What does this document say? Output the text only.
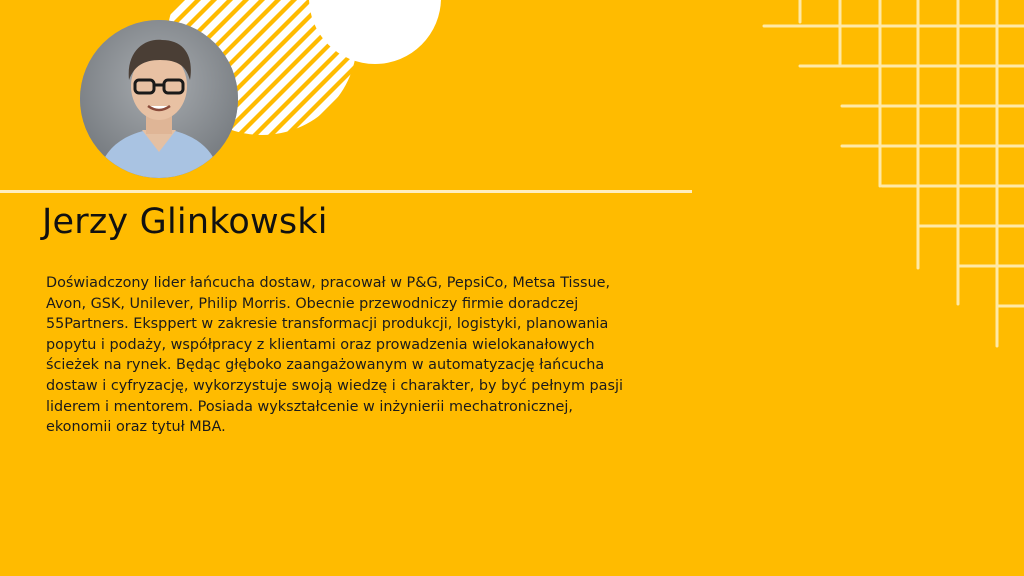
Jerzy Glinkowski

Doświadczony lider łańcucha dostaw, pracował w P&G, PepsiCo, Metsa Tissue,
Avon, GSK, Unilever, Philip Morris. Obecnie przewodniczy firmie doradczej
55Partners. Eksppert w zakresie transformacji produkcji, logistyki, planowania
popytu i podaży, współpracy z klientami oraz prowadzenia wielokanałowych
ścieżek na rynek. Będąc głęboko zaangażowanym w automatyzację łańcucha
dostaw i cyfryzację, wykorzystuje swoją wiedzę i charakter, by być pełnym pasji
liderem i mentorem. Posiada wykształcenie w inżynierii mechatronicznej,
ekonomii oraz tytuł MBA.
